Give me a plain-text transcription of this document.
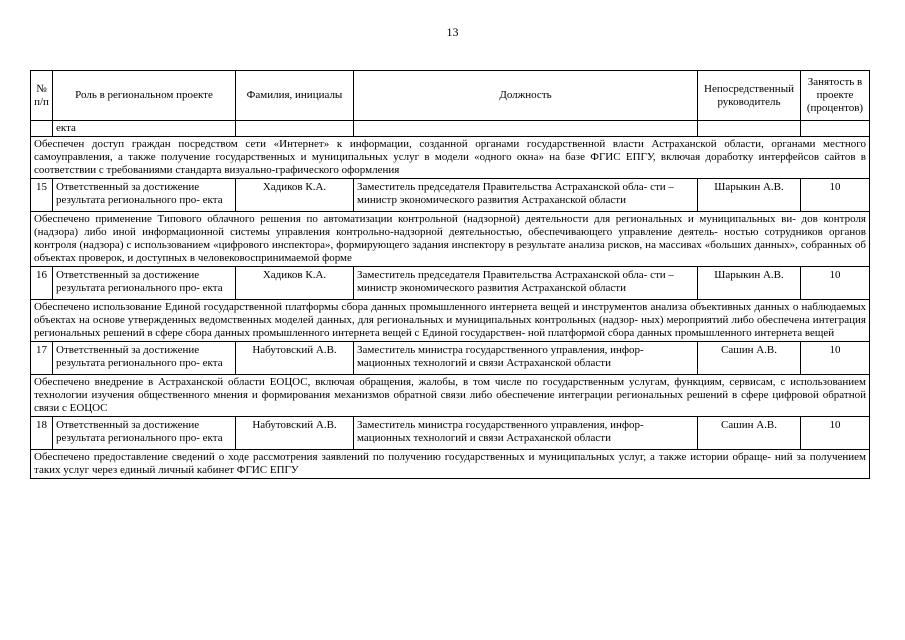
13
№ п/п	Роль в региональном проекте	Фамилия, инициалы	Должность	Непосредственный руководитель	Занятость в проекте (процентов)
	екта				
Обеспечен доступ граждан посредством сети «Интернет» к информации, созданной органами государственной власти Астраханской области, органами местного самоуправления, а также получение государственных и муниципальных услуг в модели «одного окна» на базе ФГИС ЕПГУ, включая доработку интерфейсов сайтов в соответствии с требованиями стандарта визуально-графического оформления					
15	Ответственный за достижение результата регионального про- екта	Хадиков К.А.	Заместитель председателя Правительства Астраханской обла- сти – министр экономического развития Астраханской области	Шарыкин А.В.	10
Обеспечено применение Типового облачного решения по автоматизации контрольной (надзорной) деятельности для региональных и муниципальных ви- дов контроля (надзора) либо иной информационной системы управления контрольно-надзорной деятельностью, обеспечивающего управление деятель- ностью сотрудников органов контроля (надзора) с использованием «цифрового инспектора», формирующего задания инспектору в результате анализа рисков, на массивах «больших данных», собранных об объектах проверок, и доступных в человековоспринимаемой форме					
16	Ответственный за достижение результата регионального про- екта	Хадиков К.А.	Заместитель председателя Правительства Астраханской обла- сти – министр экономического развития Астраханской области	Шарыкин А.В.	10
Обеспечено использование Единой государственной платформы сбора данных промышленного интернета вещей и инструментов анализа объективных данных о наблюдаемых объектах на основе утвержденных ведомственных моделей данных, для региональных и муниципальных контрольных (надзор- ных) мероприятий либо обеспечена интеграция региональных решений в сфере сбора данных промышленного интернета вещей с Единой государствен- ной платформой сбора данных промышленного интернета вещей					
17	Ответственный за достижение результата регионального про- екта	Набутовский А.В.	Заместитель министра государственного управления, инфор- мационных технологий и связи Астраханской области	Сашин А.В.	10
Обеспечено внедрение в Астраханской области ЕОЦОС, включая обращения, жалобы, в том числе по государственным услугам, функциям, сервисам, с использованием технологии изучения общественного мнения и формирования механизмов обратной связи либо обеспечение интеграции региональных решений в сфере цифровой обратной связи с ЕОЦОС					
18	Ответственный за достижение результата регионального про- екта	Набутовский А.В.	Заместитель министра государственного управления, инфор- мационных технологий и связи Астраханской области	Сашин А.В.	10
Обеспечено предоставление сведений о ходе рассмотрения заявлений по получению государственных и муниципальных услуг, а также истории обраще- ний за получением таких услуг через единый личный кабинет ФГИС ЕПГУ					
